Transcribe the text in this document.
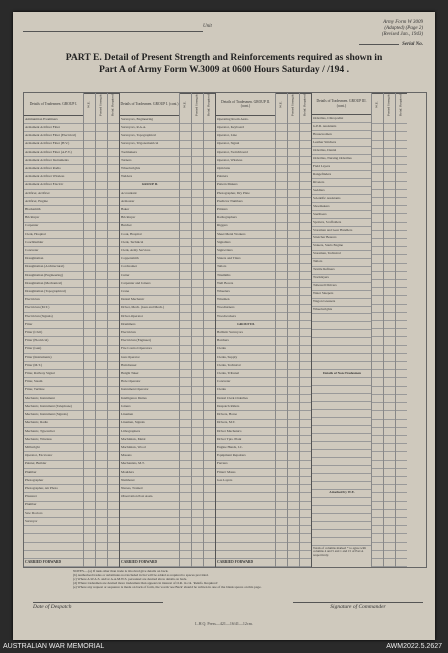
Unit
Army Form W 3009
(Adapted) (Page 2)
(Revised Jan., 1943)
Serial No.
PART E. Detail of Present Strength and Reinforcements required as shown in
Part A of Army Form W.3009 at 0600 Hours Saturday / /194 .
Details of Tradesmen. GROUP I.
Ammunition Examiners
Armament Artificer Fitter
Armament Artificer Fitter (Electrical)
Armament Artificer Fitter (H.V.)
Armament Artificer Fitter (A.F.V.)
Armament Artificer Instruments
Armament Artificer Radio
Armament Artificer Wireless
Armament Artificer Electric
Artificer, Artificer
Artificer, Engine
Blacksmith
Bricklayer
Carpenter
Clerk, Hospital
Coachbuilder
Concreter
Draughtsman
Draughtsman (Architectural)
Draughtsman (Engineering)
Draughtsman (Mechanical)
Draughtsman (Topographical)
Electrician
Electrician (M.T.)
Electrician (Signals)
Fitter
Fitter (Civil)
Fitter (Electrical)
Fitter (Gun)
Fitter (Instruments)
Fitter (M.T.)
Fitter, Railway Signal
Fitter, Steam
Fitter, Turbine
Mechanic, Instrument
Mechanic, Instrument (Telephone)
Mechanic, Instrument (Signals)
Mechanic, Radio
Mechanic, Typewriter
Mechanic, Wireless
Millwright
Operator, Excavator
Painter, Builder
Plumber
Photographer
Photographer, Air Photo
Plasterer
Plumber
Saw Doctors
Surveyor
CARRIED FORWARD
W.E.	Posted Strength	Reinf. Required	Details of Tradesmen. GROUP I. (cont.)
Surveyors, Engineering
Surveyors, R.A.A.
Surveyors, Topographical
Surveyors, Trigonometrical
Toolmakers
Turners
Wheelwrights
Welders
GROUP II.
Accountant
Armourer
Baker
Bricklayer
Butcher
Cook, Hospital
Clerk, Technical
Clerk, Army Services
Coppersmith
Cordwainer
Cutter
Carpenter and Joiners
Crane
Dental Mechanic
Driver, Mech. (Gun and Mech.)
Driver-Operator
Drummers
Electrician
Electrician (Engineer)
Fire Control Operators
Gun Operator
Hairdresser
Height Taker
Hole Operator
Instrument Operator
Intelligence Duties
Joiners
Linemen
Linemen, Signals
Lithographers
Machinists, Metal
Machinists, Wood
Masons
Mechanists, M.T.
Moulders
Numberer
Nurses, Trained
Observation Post Assts.
CARRIED FORWARD
W.E.	Posted Strength	Reinf. Required	Details of Tradesmen. GROUP II. (cont.)
Operating Room Assts.
Operator, Keyboard
Operator, Line
Operator, Signal
Operator, Switchboard
Operator, Wireless
Opticians
Painters
Pattern Makers
Photographer, Dry Plate
Predictor Numbers
Printers
Radiographers
Riggers
Sheet Metal Workers
Signallers
Signwriters
Slaters and Tilers
Tailors
Tinsmiths
Well Borers
Wheelers
Wiremen
Woodturners
Woodworkers
GROUP III.
Ballistic Surveyors
Batchers
Clerks
Clerks, Supply
Clerks, Technical
Clerks, Tribunal
Concreter
Clerks
Dental Clerk Orderlies
Despatch Riders
Drivers, Horse
Drivers, M.T.
Driver Mechanics
Driver Tpts. Plant
Engine Hands, I.C.
Equipment Repairers
Farriers
Fitters' Mates
Gas Layers
CARRIED FORWARD
W.E.	Posted Strength	Reinf. Required	Details of Tradesmen. GROUP III. (cont.)
Orderlies, Chiropodist
G.P.D. Assistants
Housewomen
Leather Stitchers
Orderlies, Dental
Orderlies, Nursing Orderlies
Field Layers
Rangefinders
Riveters
Saddlers
Scientific Assistants
Shoemakers
Sterilisers
Spotters, Scaffolders
Storemen and Gear Handlers
Stretcher Bearers
Stokers, Starts Engine
Storemen, Technical
Tailors
Textile Refiners
Tracklayers
Tubewell Drivers
Water Sleepers
Wagon Greasers
Wheelwrights
Details of Non-Tradesmen
Attached by W.E.
Totals of columns marked * to agree with columns 4 and 5 and 1 and 15 of Part A respectively.
W.E.	Posted Strength	Reinf. Required
NOTES.—(a) If tank other than trade is involved give details on back.
(b) Authorised trades or substitutes not included in list will be added as required to spaces provided.
(c) Where A.W.A.S. and/or A.A.M.W.S. personnel are desired show details on back.
(d) Where tradesmen are desired more tradesmen than appears in interest of O.R. in col. 'Reinfs. Required.'
(e) Where any request or sequence is made on back of form, the words 'see Back' should be written in one of the blank spaces on this page.
Date of Despatch	Signature of Commander
L.H.Q. Press—421—16/41—12cm.
AUSTRALIAN WAR MEMORIAL	AWM2022.5.2627
